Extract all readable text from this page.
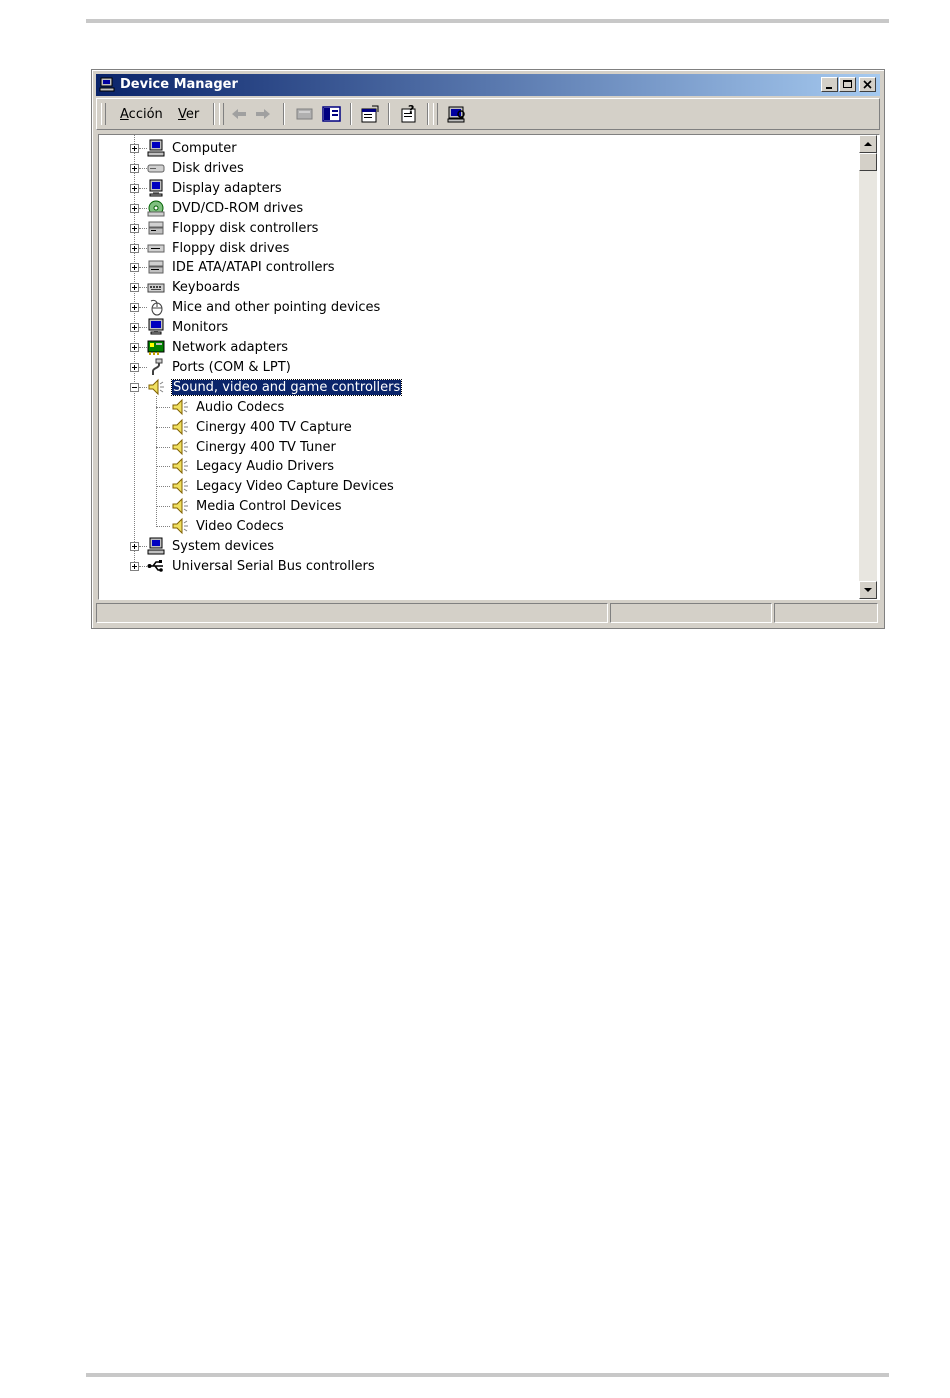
Device Manager
Acción Ver	?
Computer
Disk drives
Display adapters
DVD/CD-ROM drives
Floppy disk controllers
Floppy disk drives
IDE ATA/ATAPI controllers
Keyboards
Mice and other pointing devices
Monitors
Network adapters
Ports (COM & LPT)
Sound, video and game controllers
Audio Codecs
Cinergy 400 TV Capture
Cinergy 400 TV Tuner
Legacy Audio Drivers
Legacy Video Capture Devices
Media Control Devices
Video Codecs
System devices
Universal Serial Bus controllers
